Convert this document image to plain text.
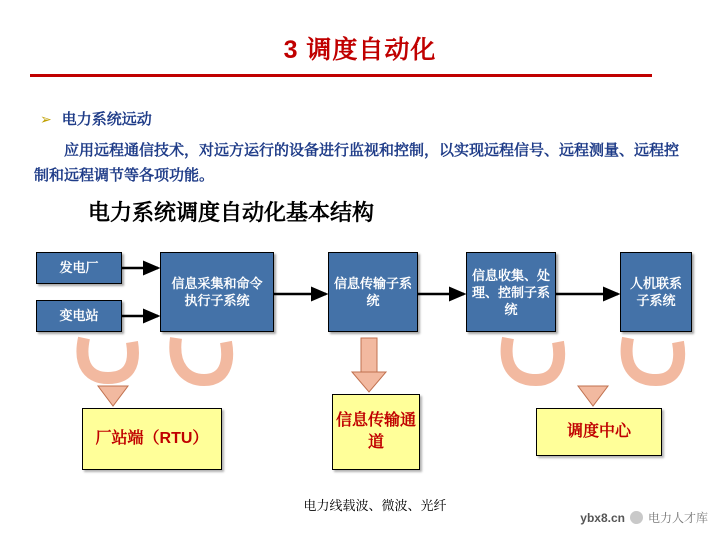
3 调度自动化
➢ 电力系统远动
应用远程通信技术，对远方运行的设备进行监视和控制，以实现远程信号、远程测量、远程控制和远程调节等各项功能。
电力系统调度自动化基本结构
发电厂
变电站
信息采集和命令执行子系统
信息传输子系统
信息收集、处理、控制子系统
人机联系子系统
厂站端（RTU）
信息传输通道
调度中心
电力线载波、微波、光纤
ybx8.cn 电力人才库
